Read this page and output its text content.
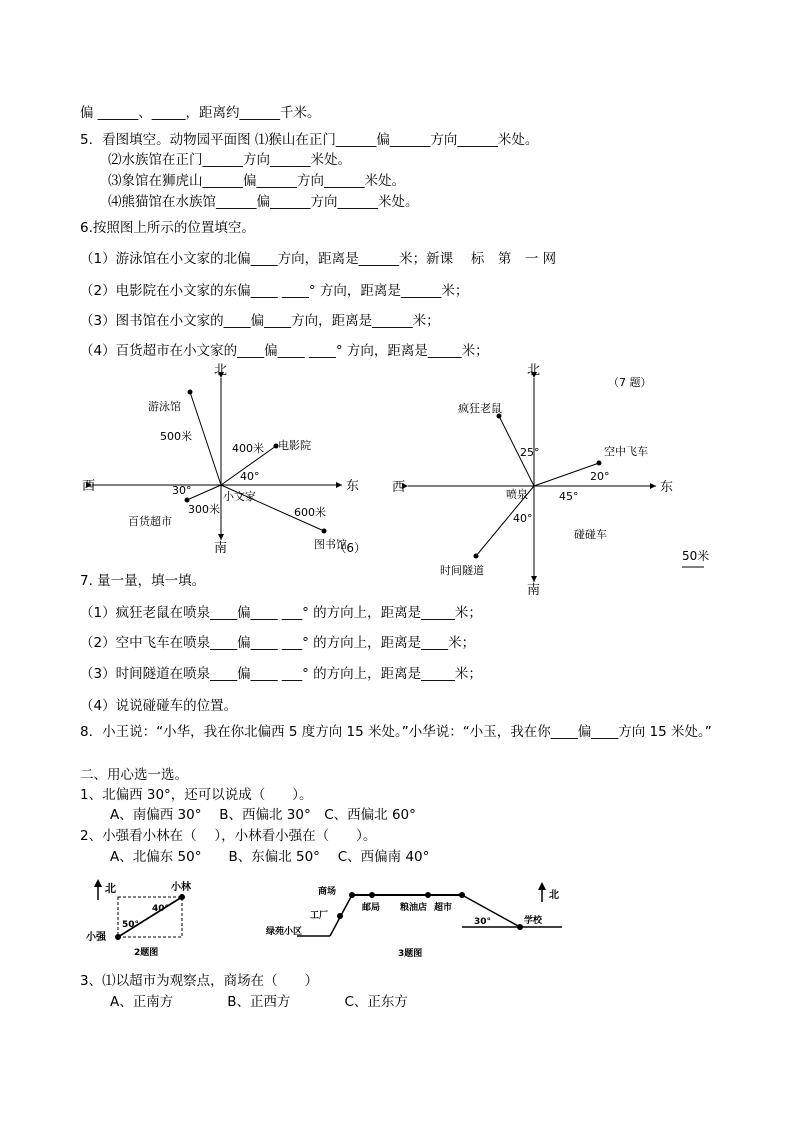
偏 ______、_____，距离约______千米。
5．看图填空。动物园平面图 ⑴猴山在正门______偏______方向______米处。
⑵水族馆在正门______方向______米处。
⑶象馆在狮虎山______偏______方向______米处。
⑷熊猫馆在水族馆______偏______方向______米处。
6.按照图上所示的位置填空。
（1）游泳馆在小文家的北偏____方向，距离是______米；新课　 标　第　一 网
（2）电影院在小文家的东偏____ ____° 方向，距离是______米；
（3）图书馆在小文家的____偏____方向，距离是______米；
（4）百货超市在小文家的____偏____ ____° 方向，距离是_____米；
北
南
西	东
游泳馆
500米
电影院
400米
40°
百货超市
300米
30°
图书馆
600米
小文家
（6）
北
南
西	东
（7 题）
疯狂老鼠
25°	空中飞车
20°
时间隧道
40°
喷泉	45°
碰碰车
50米
7. 量一量，填一填。
（1）疯狂老鼠在喷泉____偏____ ___° 的方向上，距离是_____米；
（2）空中飞车在喷泉____偏____ ___° 的方向上，距离是____米；
（3）时间隧道在喷泉____偏____ ___° 的方向上，距离是_____米；
（4）说说碰碰车的位置。
8．小王说：“小华，我在你北偏西 5 度方向 15 米处。”小华说：“小玉，我在你____偏____方向 15 米处。”
二、用心选一选。
1、北偏西 30°，还可以说成（　　）。
A、南偏西 30°　 B、西偏北 30°　C、西偏北 60°
2、小强看小林在（　 ），小林看小强在（　　）。
A、北偏东 50°　　B、东偏北 50°　 C、西偏南 40°
北	小林
小强
40°
50°
2题图
商场
邮局 粮油店 超市
工厂
绿苑小区
学校
30°
北
3题图
3、⑴以超市为观察点，商场在（　　）
A、正南方　　　　B、正西方　　　　C、正东方
